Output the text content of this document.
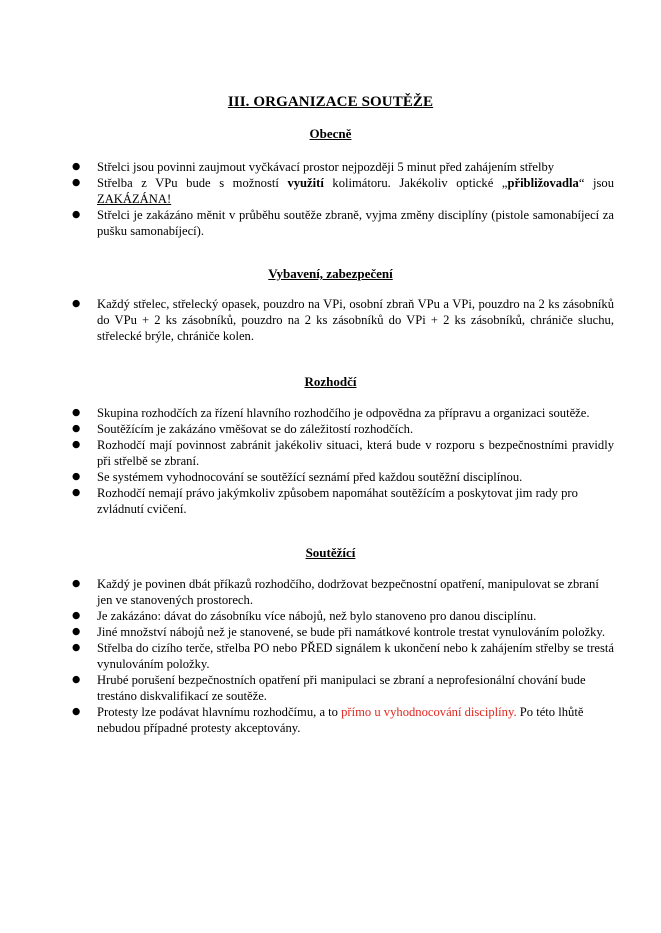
III. ORGANIZACE SOUTĚŽE
Obecně
● Střelci jsou povinni zaujmout vyčkávací prostor nejpozději 5 minut před zahájením střelby
● Střelba z VPu bude s možností využití kolimátoru. Jakékoliv optické „přibližovadla“ jsou ZAKÁZÁNA!
● Střelci je zakázáno měnit v průběhu soutěže zbraně, vyjma změny disciplíny (pistole samonabíjecí za pušku samonabíjecí).
Vybavení, zabezpečení
● Každý střelec, střelecký opasek, pouzdro na VPi, osobní zbraň VPu a VPi, pouzdro na 2 ks zásobníků do VPu + 2 ks zásobníků, pouzdro na 2 ks zásobníků do VPi + 2 ks zásobníků, chrániče sluchu, střelecké brýle, chrániče kolen.
Rozhodčí
● Skupina rozhodčích za řízení hlavního rozhodčího je odpovědna za přípravu a organizaci soutěže.
● Soutěžícím je zakázáno vměšovat se do záležitostí rozhodčích.
● Rozhodčí mají povinnost zabránit jakékoliv situaci, která bude v rozporu s bezpečnostními pravidly při střelbě se zbraní.
● Se systémem vyhodnocování se soutěžící seznámí před každou soutěžní disciplínou.
● Rozhodčí nemají právo jakýmkoliv způsobem napomáhat soutěžícím a poskytovat jim rady pro zvládnutí cvičení.
Soutěžící
● Každý je povinen dbát příkazů rozhodčího, dodržovat bezpečnostní opatření, manipulovat se zbraní jen ve stanovených prostorech.
● Je zakázáno: dávat do zásobníku více nábojů, než bylo stanoveno pro danou disciplínu.
● Jiné množství nábojů než je stanovené, se bude při namátkové kontrole trestat vynulováním položky.
● Střelba do cizího terče, střelba PO nebo PŘED signálem k ukončení nebo k zahájením střelby se trestá vynulováním položky.
● Hrubé porušení bezpečnostních opatření při manipulaci se zbraní a neprofesionální chování bude trestáno diskvalifikací ze soutěže.
● Protesty lze podávat hlavnímu rozhodčímu, a to přímo u vyhodnocování disciplíny. Po této lhůtě nebudou případné protesty akceptovány.
